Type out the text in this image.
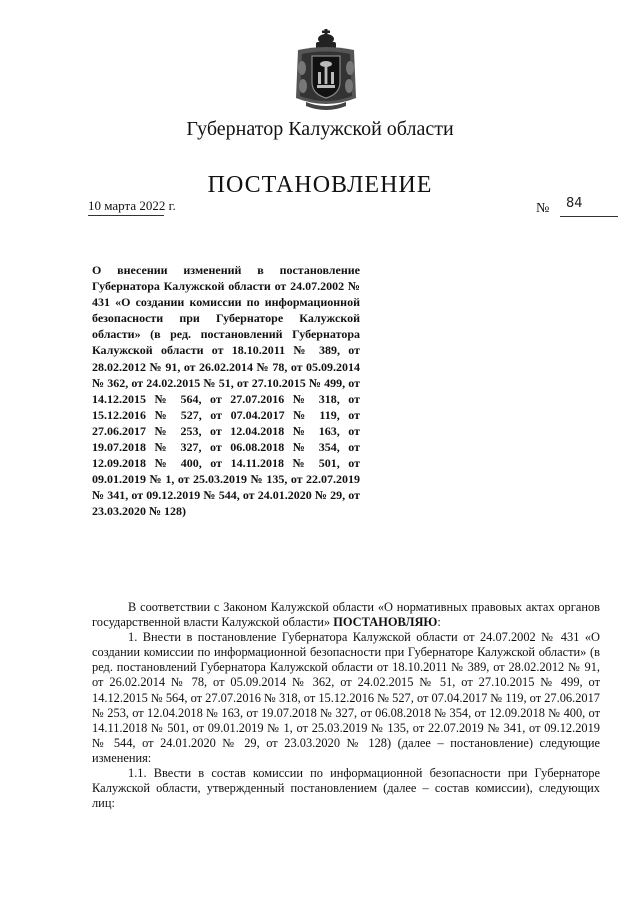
Губернатор Калужской области
ПОСТАНОВЛЕНИЕ
10 марта 2022 г.	№ 84

О внесении изменений в постановление Губернатора Калужской области от 24.07.2002 № 431 «О создании комиссии по информационной безопасности при Губернаторе Калужской области» (в ред. постановлений Губернатора Калужской области от 18.10.2011 № 389, от 28.02.2012 № 91, от 26.02.2014 № 78, от 05.09.2014 № 362, от 24.02.2015 № 51, от 27.10.2015 № 499, от 14.12.2015 № 564, от 27.07.2016 № 318, от 15.12.2016 № 527, от 07.04.2017 № 119, от 27.06.2017 № 253, от 12.04.2018 № 163, от 19.07.2018 № 327, от 06.08.2018 № 354, от 12.09.2018 № 400, от 14.11.2018 № 501, от 09.01.2019 № 1, от 25.03.2019 № 135, от 22.07.2019 № 341, от 09.12.2019 № 544, от 24.01.2020 № 29, от 23.03.2020 № 128)

В соответствии с Законом Калужской области «О нормативных правовых актах органов государственной власти Калужской области» ПОСТАНОВЛЯЮ:

1. Внести в постановление Губернатора Калужской области от 24.07.2002 № 431 «О создании комиссии по информационной безопасности при Губернаторе Калужской области» (в ред. постановлений Губернатора Калужской области от 18.10.2011 № 389, от 28.02.2012 № 91, от 26.02.2014 № 78, от 05.09.2014 № 362, от 24.02.2015 № 51, от 27.10.2015 № 499, от 14.12.2015 № 564, от 27.07.2016 № 318, от 15.12.2016 № 527, от 07.04.2017 № 119, от 27.06.2017 № 253, от 12.04.2018 № 163, от 19.07.2018 № 327, от 06.08.2018 № 354, от 12.09.2018 № 400, от 14.11.2018 № 501, от 09.01.2019 № 1, от 25.03.2019 № 135, от 22.07.2019 № 341, от 09.12.2019 № 544, от 24.01.2020 № 29, от 23.03.2020 № 128) (далее – постановление) следующие изменения:

1.1. Ввести в состав комиссии по информационной безопасности при Губернаторе Калужской области, утвержденный постановлением (далее – состав комиссии), следующих лиц:
